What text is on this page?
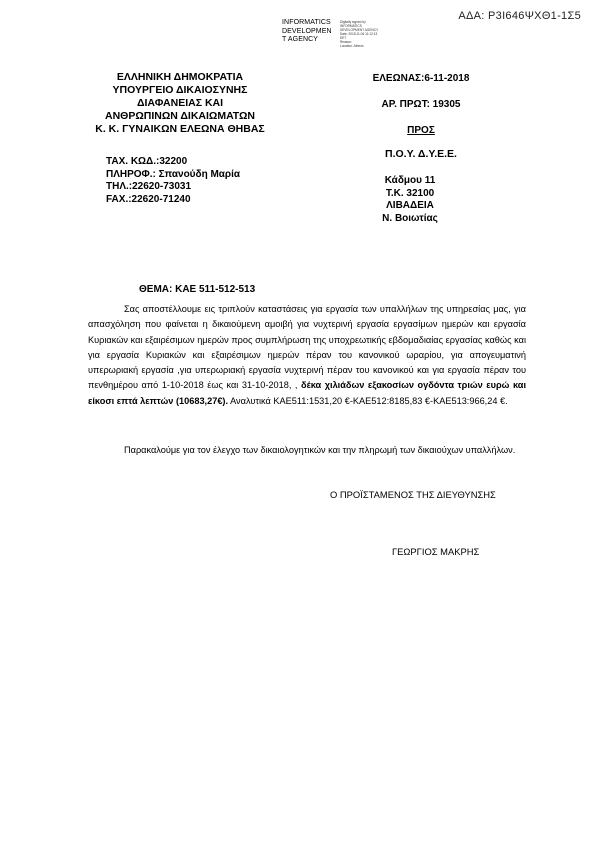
ΑΔΑ: Ρ3Ι646ΨΧΘ1-1Σ5
INFORMATICS
DEVELOPMEN
T AGENCY
Digitally signed by
INFORMATICS
DEVELOPMENT AGENCY
Date: 2018.11.06 11:12:13
EET
Reason:
Location: Athens
ΕΛΛΗΝΙΚΗ ΔΗΜΟΚΡΑΤΙΑ
ΥΠΟΥΡΓΕΙΟ ΔΙΚΑΙΟΣΥΝΗΣ
ΔΙΑΦΑΝΕΙΑΣ ΚΑΙ
ΑΝΘΡΩΠΙΝΩΝ ΔΙΚΑΙΩΜΑΤΩΝ
Κ. Κ. ΓΥΝΑΙΚΩΝ ΕΛΕΩΝΑ ΘΗΒΑΣ
ΤΑΧ. ΚΩΔ.:32200
ΠΛΗΡΟΦ.: Σπανούδη Μαρία
ΤΗΛ.:22620-73031
FAX.:22620-71240
ΕΛΕΩΝΑΣ:6-11-2018
ΑΡ. ΠΡΩΤ: 19305
ΠΡΟΣ
Π.Ο.Υ. Δ.Υ.Ε.Ε.
Κάδμου 11
Τ.Κ. 32100
ΛΙΒΑΔΕΙΑ
Ν. Βοιωτίας
ΘΕΜΑ: ΚΑΕ 511-512-513

Σας αποστέλλουμε εις τριπλούν καταστάσεις για εργασία των υπαλλήλων της υπηρεσίας μας, για απασχόληση που φαίνεται η δικαιούμενη αμοιβή για νυχτερινή εργασία εργασίμων ημερών και εργασία Κυριακών και εξαιρέσιμων ημερών προς συμπλήρωση της υποχρεωτικής εβδομαδιαίας εργασίας καθώς και για εργασία Κυριακών και εξαιρέσιμων ημερών πέραν του κανονικού ωραρίου, για απογευματινή υπερωριακή εργασία ,για υπερωριακή εργασία νυχτερινή πέραν του κανονικού και για εργασία πέραν του πενθημέρου από 1-10-2018 έως και 31-10-2018, , δέκα χιλιάδων εξακοσίων ογδόντα τριών ευρώ και είκοσι επτά λεπτών (10683,27€). Αναλυτικά ΚΑΕ511:1531,20 €-ΚΑΕ512:8185,83 €-ΚΑΕ513:966,24 €.

Παρακαλούμε για τον έλεγχο των δικαιολογητικών και την πληρωμή των δικαιούχων υπαλλήλων.

Ο ΠΡΟΪΣΤΑΜΕΝΟΣ ΤΗΣ ΔΙΕΥΘΥΝΣΗΣ
ΓΕΩΡΓΙΟΣ ΜΑΚΡΗΣ
